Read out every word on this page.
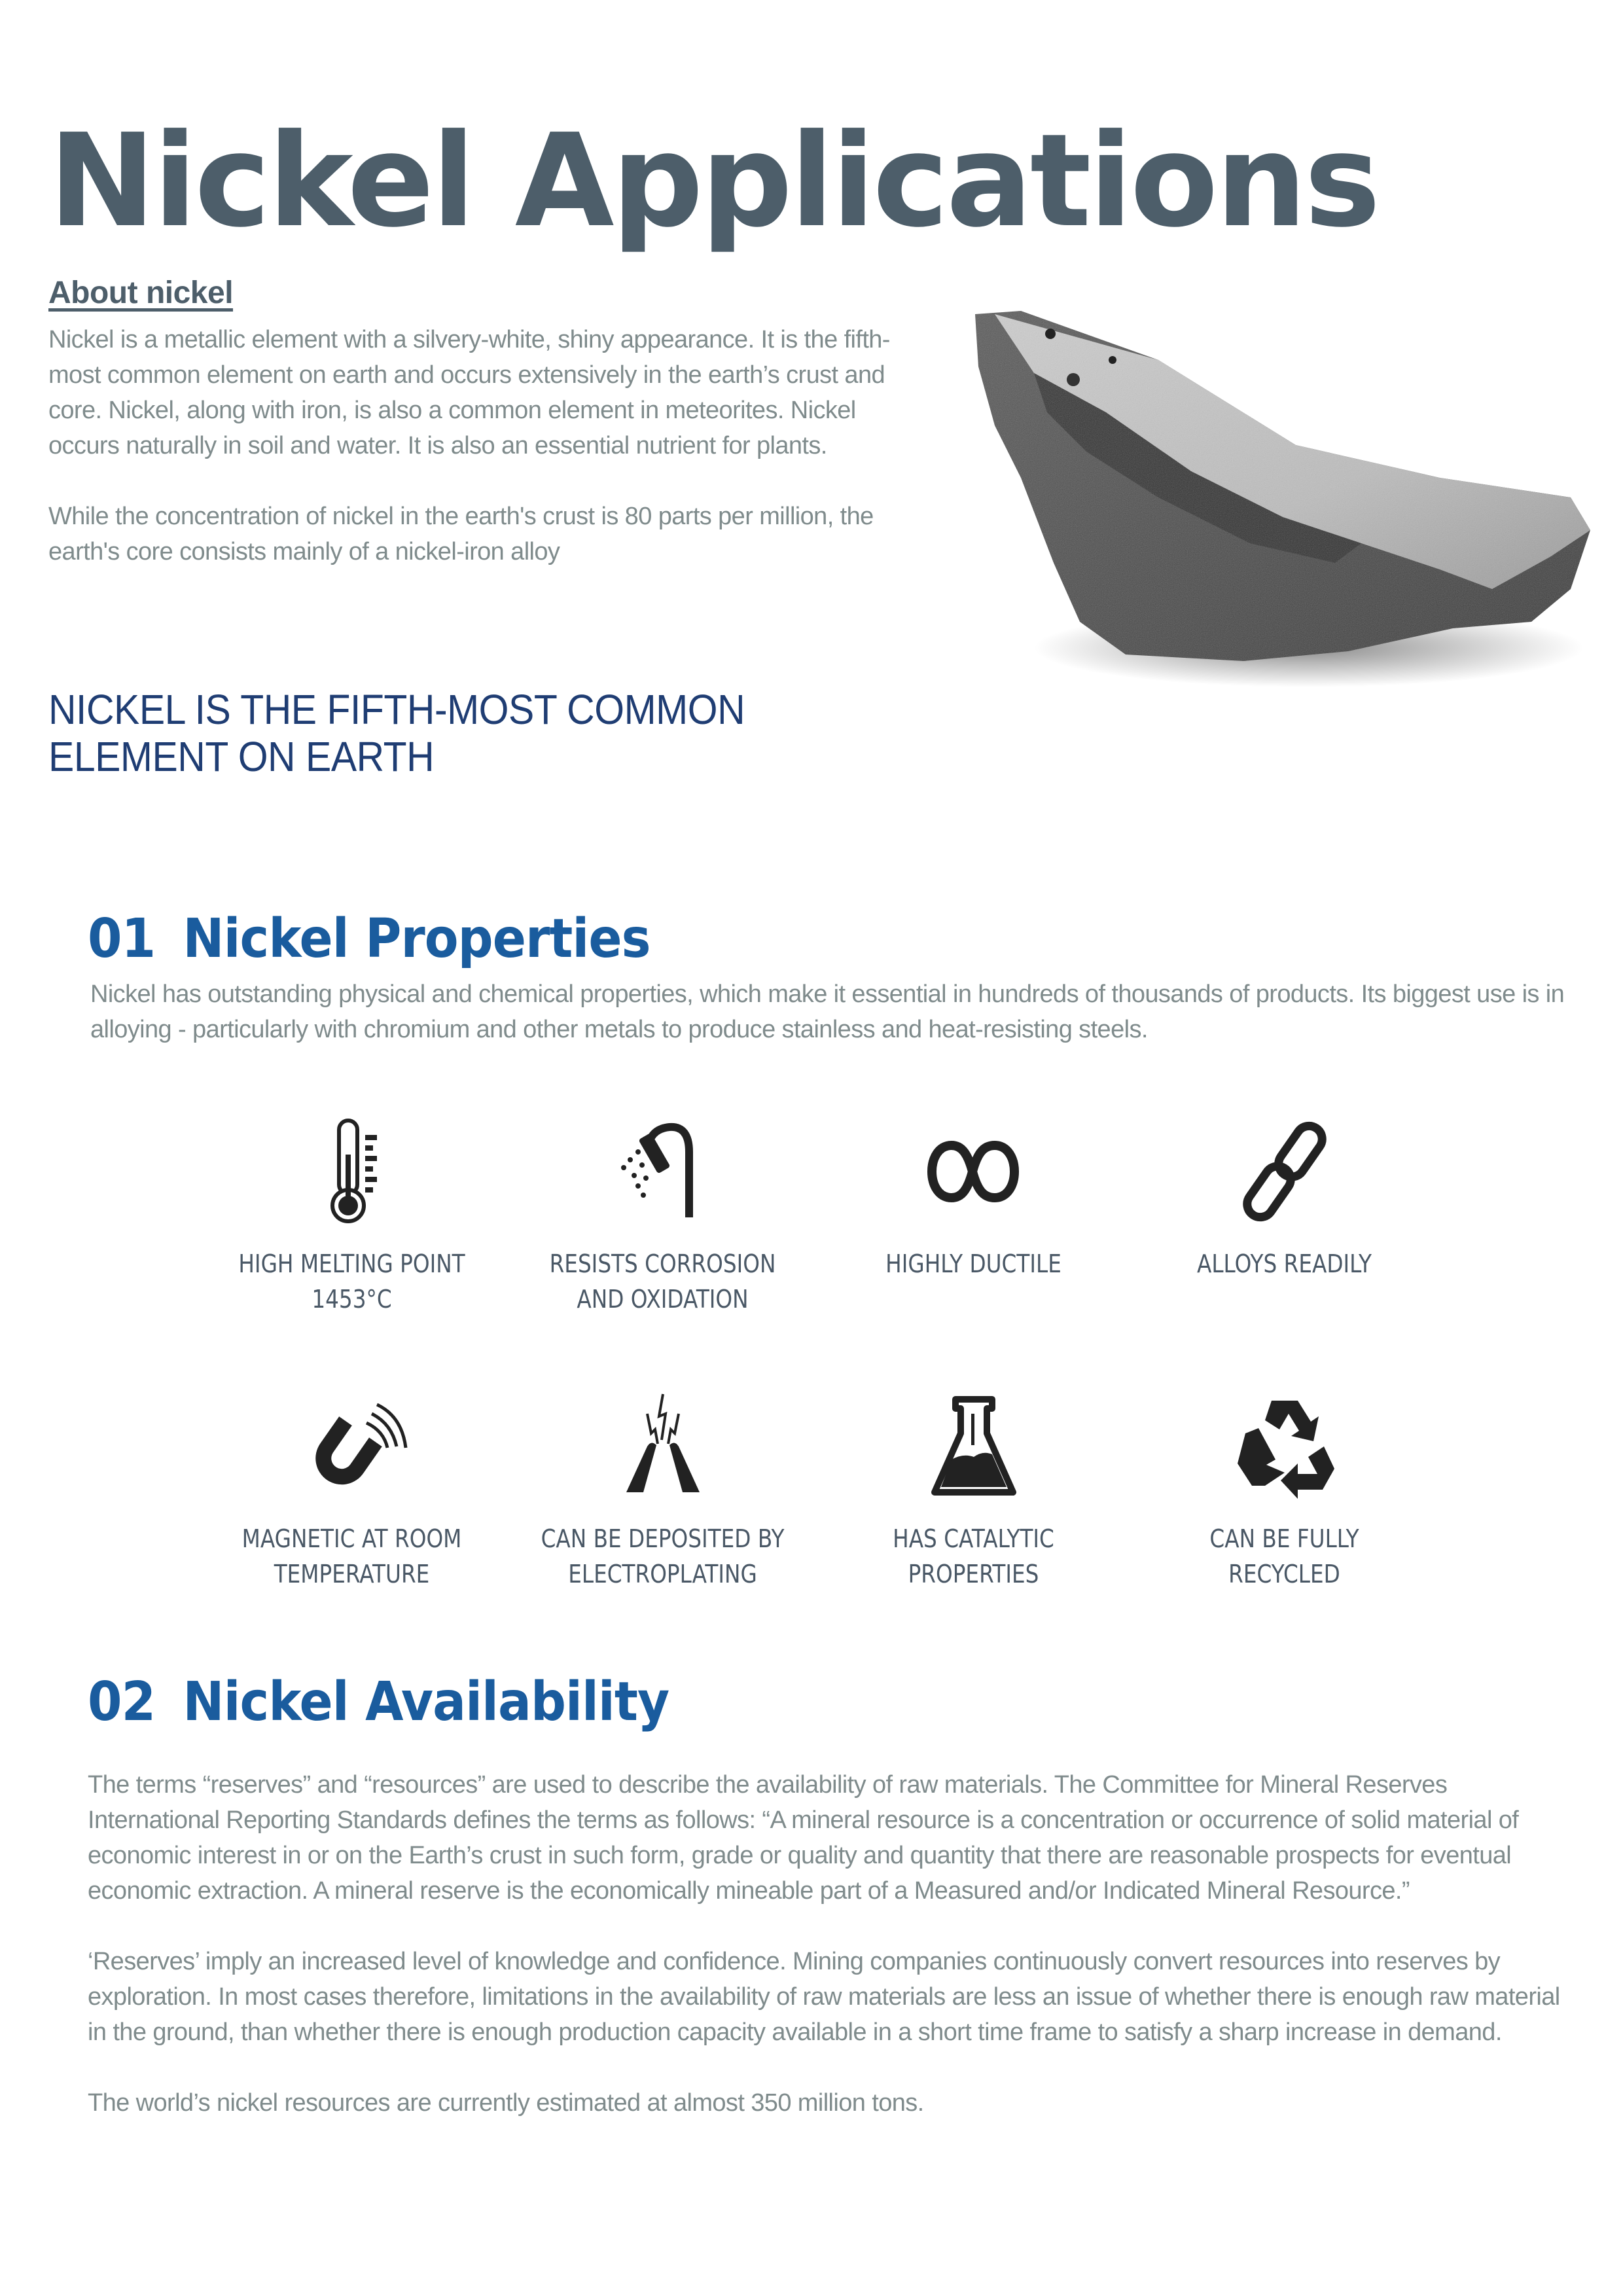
Nickel Applications
About nickel

Nickel is a metallic element with a silvery-white, shiny appearance. It is the fifth-most common element on earth and occurs extensively in the earth’s crust and core. Nickel, along with iron, is also a common element in meteorites. Nickel occurs naturally in soil and water. It is also an essential nutrient for plants.

While the concentration of nickel in the earth's crust is 80 parts per million, the earth's core consists mainly of a nickel-iron alloy

NICKEL IS THE FIFTH-MOST COMMON
ELEMENT ON EARTH
01 Nickel Properties
Nickel has outstanding physical and chemical properties, which make it essential in hundreds of thousands of products. Its biggest use is in alloying - particularly with chromium and other metals to produce stainless and heat-resisting steels.
HIGH MELTING POINT
1453°C
RESISTS CORROSION
AND OXIDATION
HIGHLY DUCTILE	ALLOYS READILY
MAGNETIC AT ROOM
TEMPERATURE
CAN BE DEPOSITED BY
ELECTROPLATING
HAS CATALYTIC
PROPERTIES
CAN BE FULLY
RECYCLED
02 Nickel Availability

The terms “reserves” and “resources” are used to describe the availability of raw materials. The Committee for Mineral Reserves International Reporting Standards defines the terms as follows: “A mineral resource is a concentration or occurrence of solid material of economic interest in or on the Earth’s crust in such form, grade or quality and quantity that there are reasonable prospects for eventual economic extraction. A mineral reserve is the economically mineable part of a Measured and/or Indicated Mineral Resource.”

‘Reserves’ imply an increased level of knowledge and confidence. Mining companies continuously convert resources into reserves by exploration. In most cases therefore, limitations in the availability of raw materials are less an issue of whether there is enough raw material in the ground, than whether there is enough production capacity available in a short time frame to satisfy a sharp increase in demand.

The world’s nickel resources are currently estimated at almost 350 million tons.
